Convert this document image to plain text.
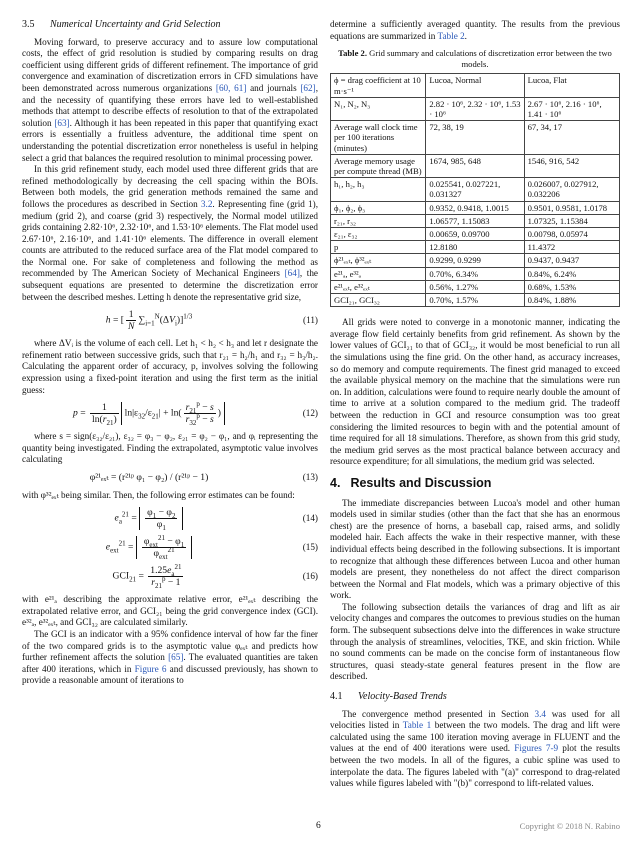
3.5 Numerical Uncertainty and Grid Selection

Moving forward, to preserve accuracy and to assure low computational costs, the effect of grid resolution is studied by comparing results on drag coefficient using different grids of different refinement. The importance of grid convergence and examination of discretization errors in CFD simulations have been demonstrated across numerous organizations [60, 61] and journals [62], and the necessity of quantifying these errors have led to well-established methods that attempt to describe effects of resolution to that of the extrapolated solution [63]. Although it has been repeated in this paper that quantifying exact errors is essentially a fruitless adventure, the additional time spent on understanding the potential discretization error nonetheless is useful in helping select a grid that balances the required resolution to minimal processing power.

In this grid refinement study, each model used three different grids that are refined methodologically by decreasing the cell spacing within the BOIs. Between both models, the grid generation methods remained the same and follows the procedures as described in Section 3.2. Representing fine (grid 1), medium (grid 2), and coarse (grid 3) respectively, the Normal model utilized grids containing 2.82·10⁶, 2.32·10⁶, and 1.53·10⁶ elements. The Flat model used 2.67·10⁶, 2.16·10⁶, and 1.41·10⁶ elements. The difference in overall element counts are attributed to the reduced surface area of the Flat model compared to the Normal one. For sake of completeness and following the method as recommended by The American Society of Mechanical Engineers [64], the subsequent equations are presented to determine the discretization error between the described meshes. Letting h denote the representative grid size,

h = [ $\frac{1}{N} \sum_{i=1}^N(\Delta V_i)]^{1/3}$	(11)

where ΔVᵢ is the volume of each cell. Let h₁ < h₂ < h₃ and let r designate the refinement ratio between successive grids, such that r₂₁ = h₂/h₁ and r₃₂ = h₃/h₂. Calculating the apparent order of accuracy, p, involves solving the following expression using a fixed-point iteration and using the first term as the initial guess:

$p = \frac{1}{\ln(r_{21})} \ln|\varepsilon_{32}/\varepsilon_{21}| + \ln( \frac{r_{21}^p - s}{r_{32}^p - s}$ )	(12)

where s = sign(ε₃₂/ε₂₁), ε₃₂ = φ₃ − φ₂, ε₂₁ = φ₂ − φ₁, and φᵢ representing the quantity being investigated. Finding the extrapolated, asymptotic value involves calculating

φ²¹ₑₓₜ = (r²¹ᵖ φ₁ − φ₂) / (r²¹ᵖ − 1)	(13)

with φ³²ₑₓₜ being similar. Then, the following error estimates can be found:

$e_a^{21} = \frac{\varphi_1 - \varphi_2}{\varphi_1}$	(14)
$e_{ext}^{21} = \frac{\varphi_{ext}^{21} - \varphi_1}{\varphi_{ext}^{21}}$	(15)
$GCI_{21} = \frac{1.25e_a^{21}}{r_{21}^p - 1}$	(16)

with e²¹ₐ describing the approximate relative error, e²¹ₑₓₜ describing the extrapolated relative error, and GCI₂₁ being the grid convergence index (GCI). e³²ₐ, e³²ₑₓₜ, and GCI₃₂ are calculated similarly.

The GCI is an indicator with a 95% confidence interval of how far the finer of the two compared grids is to the asymptotic value φₑₓₜ and predicts how further refinement affects the solution [65]. The evaluated quantities are taken after 400 iterations, which in Figure 6 and discussed previously, has shown to provide a reasonable amount of iterations to

determine a sufficiently averaged quantity. The results from the previous equations are summarized in Table 2.

Table 2. Grid summary and calculations of discretization error between the two models.
ϕ = drag coefficient at 10 m·s⁻¹	Lucoa, Normal	Lucoa, Flat
N₁, N₂, N₃	2.82 · 10⁶, 2.32 · 10⁶, 1.53 · 10⁶	2.67 · 10⁶, 2.16 · 10⁶, 1.41 · 10⁶
Average wall clock time per 100 iterations (minutes)	72, 38, 19	67, 34, 17
Average memory usage per compute thread (MB)	1674, 985, 648	1546, 916, 542
h₁, h₂, h₃	0.025541, 0.027221, 0.031327	0.026007, 0.027912, 0.032206
ϕ₁, ϕ₂, ϕ₃	0.9352, 0.9418, 1.0015	0.9501, 0.9581, 1.0178
r₂₁, r₃₂	1.06577, 1.15083	1.07325, 1.15384
ε₂₁, ε₃₂	0.00659, 0.09700	0.00798, 0.05974
p	12.8180	11.4372
ϕ²¹ₑₓₜ, ϕ³²ₑₓₜ	0.9299, 0.9299	0.9437, 0.9437
e²¹ₐ, e³²ₐ	0.70%, 6.34%	0.84%, 6.24%
e²¹ₑₓₜ, e³²ₑₓₜ	0.56%, 1.27%	0.68%, 1.53%
GCI₂₁, GCI₃₂	0.70%, 1.57%	0.84%, 1.88%

All grids were noted to converge in a monotonic manner, indicating the average flow field certainly benefits from grid refinement. As shown by the lower values of GCI₂₁ to that of GCI₃₂, it would be most beneficial to run all the simulations using the fine grid. On the other hand, as accuracy increases, so do memory and compute requirements. The finest grid managed to exceed the available physical memory on the machine that the simulations were run on. In addition, calculations were found to require nearly double the amount of time to arrive at a solution compared to the medium grid. The tradeoff between the reduction in GCI and resource consumption was too great considering the limited resources to begin with and the potential amount of time required for all 18 simulations. Therefore, as shown from this grid study, the medium grid serves as the most practical balance between accuracy and resource expenditure; for all simulations, the medium grid was selected.

4. Results and Discussion

The immediate discrepancies between Lucoa's model and other human models used in similar studies (other than the fact that she has an enormous chest) are the presence of horns, a baseball cap, raised arms, and solidly modeled hair. Each affects the wake in their respective manner, with these individual effects being described in the following subsections. It is important to recognize that although these differences between Lucoa and other human models are present, they nonetheless do not affect the direct comparison between the Normal and Flat models, which was a primary objective of this work.

The following subsection details the variances of drag and lift as air velocity changes and compares the outcomes to previous studies on the human form. The subsequent subsections delve into the differences in wake structure through the analysis of streamlines, velocities, TKE, and skin friction. While no sound comments can be made on the concise form of instantaneous flow structures, quasi steady-state general features present in the flow are described.

4.1 Velocity-Based Trends

The convergence method presented in Section 3.4 was used for all velocities listed in Table 1 between the two models. The drag and lift were calculated using the same 100 iteration moving average in FLUENT and the values at the end of 400 iterations were used. Figures 7-9 plot the results between the two models. In all of the figures, a cubic spline was used to interpolate the data. The figures labeled with "(a)" correspond to drag-related values while figures labeled with "(b)" correspond to lift-related values.

6	Copyright © 2018 N. Rabino
